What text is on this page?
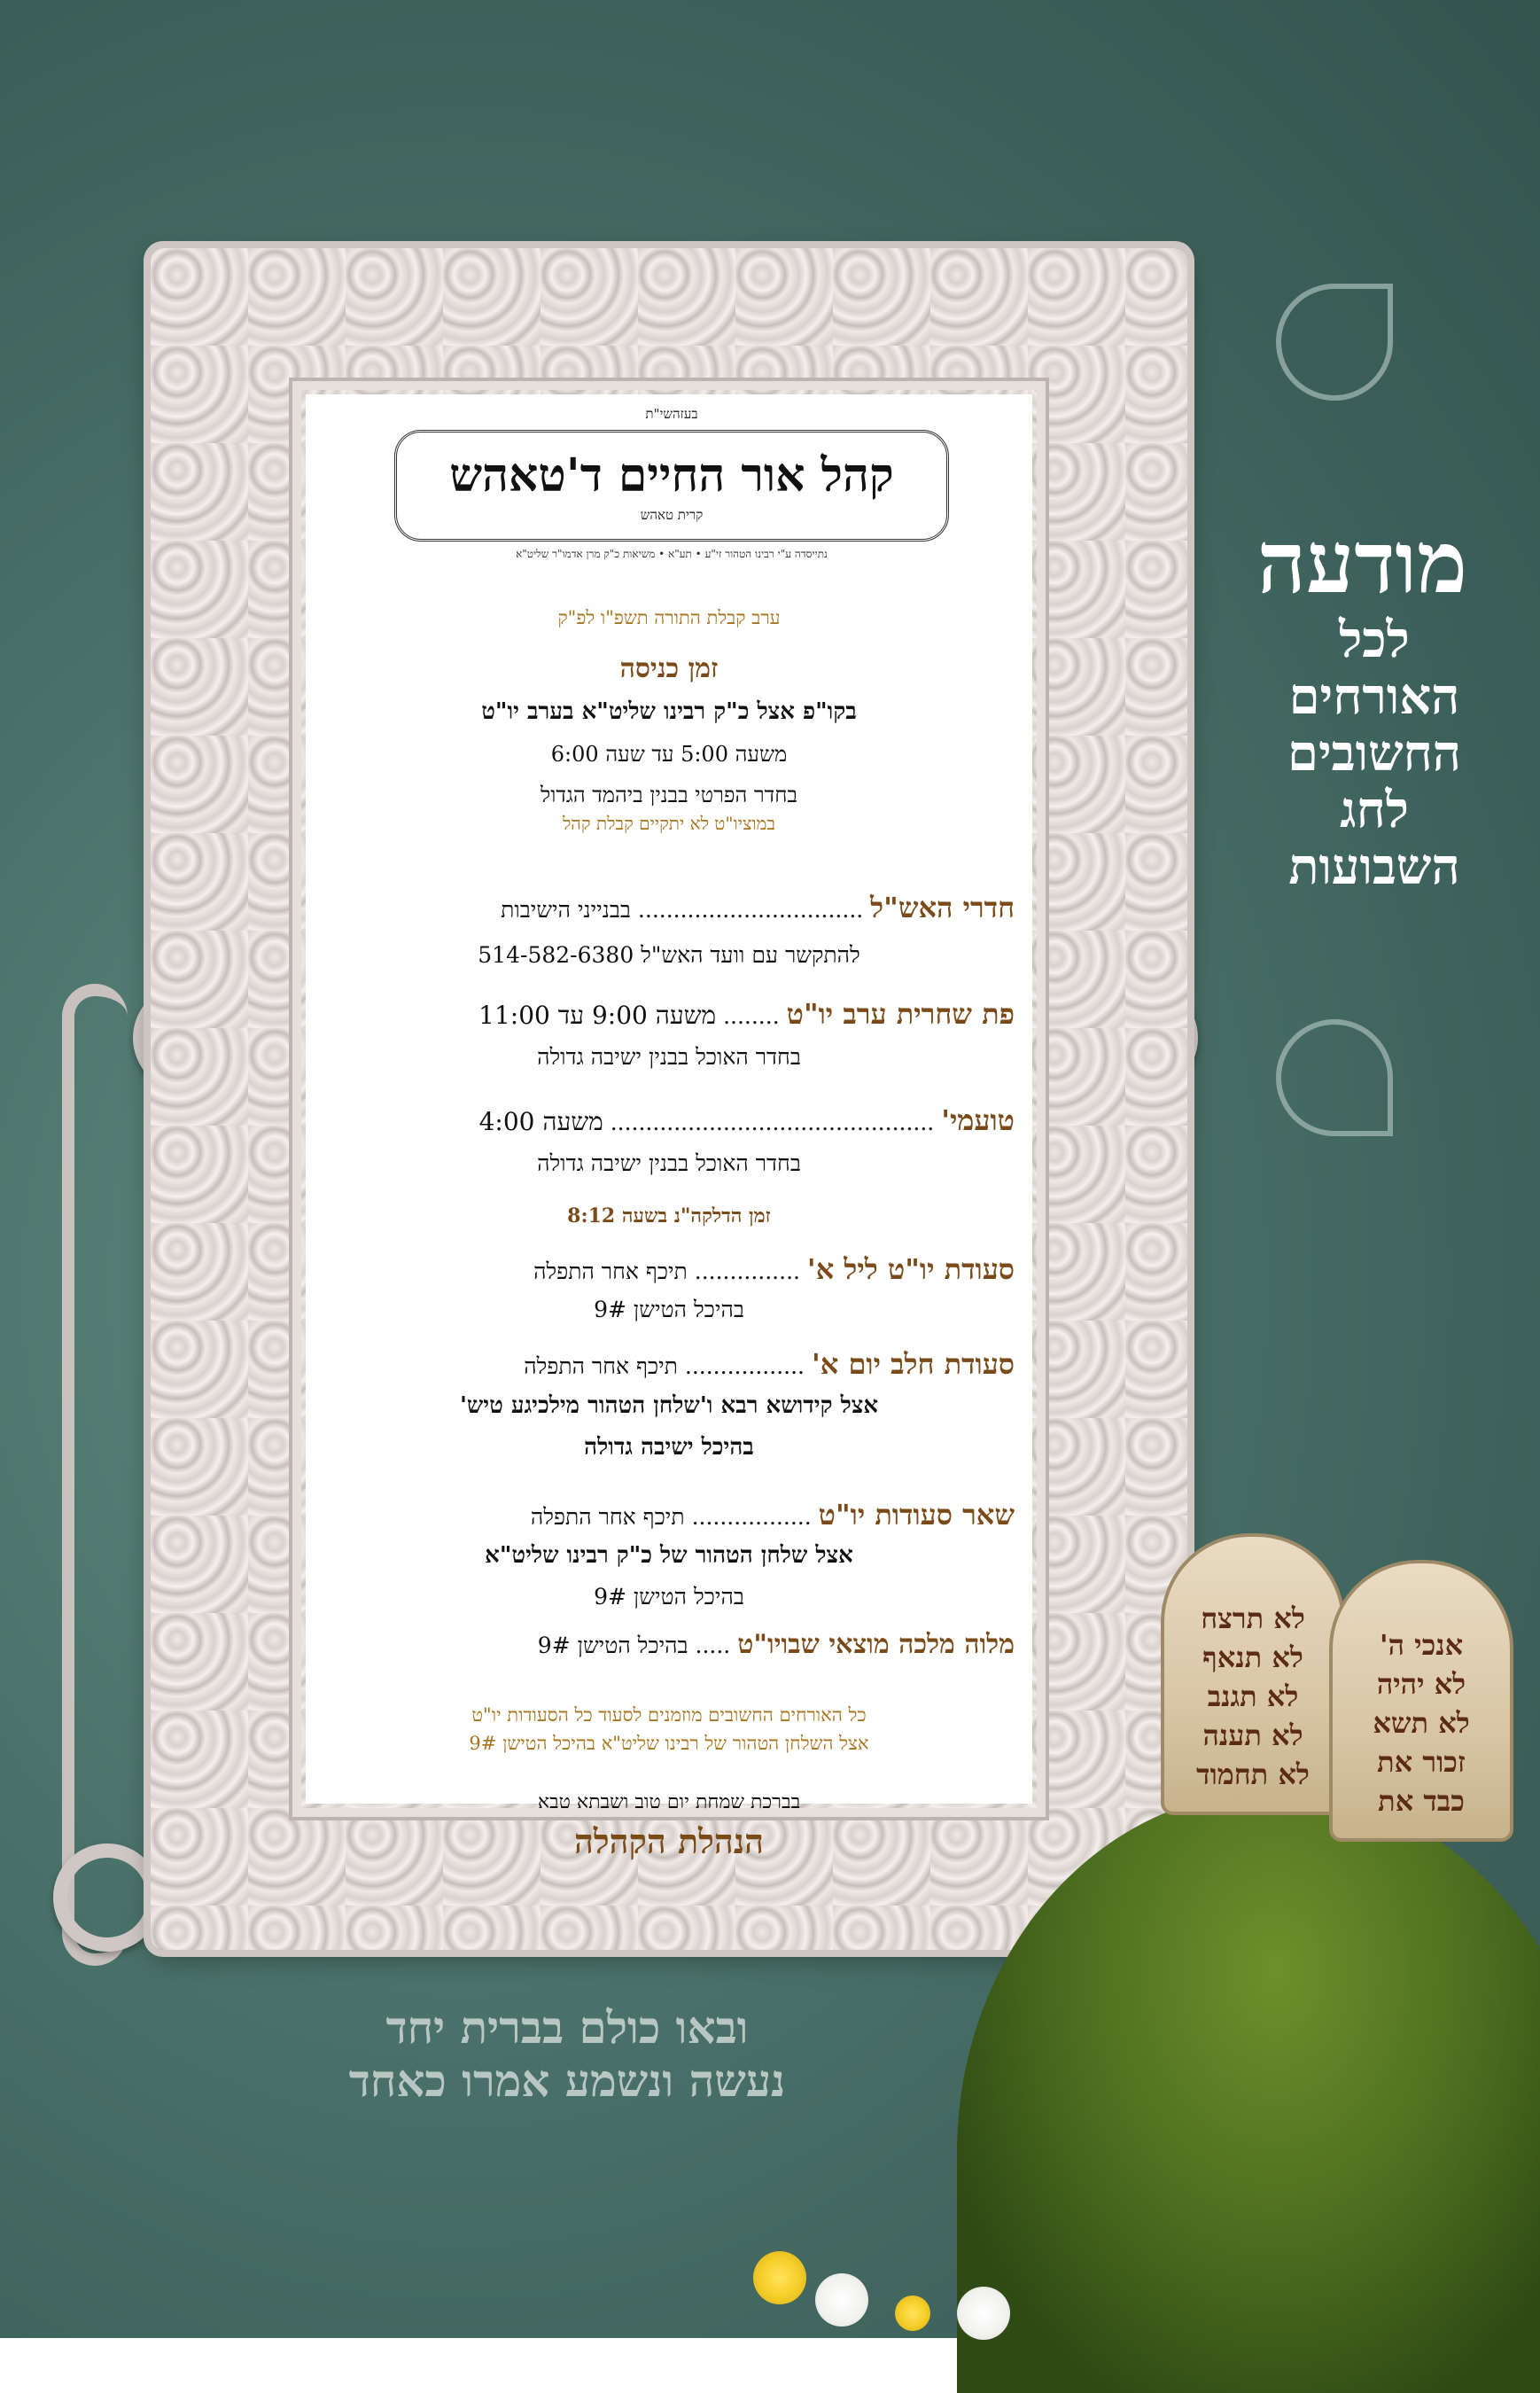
בעזהשי"ת
קהל אור החיים ד'טאהש
קרית טאהש
נתייסדה ע"י רבינו הטהור זי"ע • תע"א • משיאות כ"ק מרן אדמו"ר שליט"א
ערב קבלת התורה תשפ"ו לפ"ק
זמן כניסה
בקו"פ אצל כ"ק רבינו שליט"א בערב יו"ט
משעה 5:00 עד שעה 6:00
בחדר הפרטי בבנין ביהמד הגדול
במוציו"ט לא יתקיים קבלת קהל
חדרי האש"ל ................................ בבנייני הישיבות
להתקשר עם וועד האש"ל 514-582-6380
פת שחרית ערב יו"ט ........ משעה 9:00 עד 11:00
בחדר האוכל בבנין ישיבה גדולה
טועמי' .............................................. משעה 4:00
בחדר האוכל בבנין ישיבה גדולה
זמן הדלקה"נ בשעה 8:12
סעודת יו"ט ליל א' ............... תיכף אחר התפלה
בהיכל הטישן 9#
סעודת חלב יום א' ................. תיכף אחר התפלה
אצל קידושא רבא ו'שלחן הטהור מילכיגע טיש'
בהיכל ישיבה גדולה
שאר סעודות יו"ט ................. תיכף אחר התפלה
אצל שלחן הטהור של כ"ק רבינו שליט"א
בהיכל הטישן 9#
מלוה מלכה מוצאי שבויו"ט ..... בהיכל הטישן 9#
כל האורחים החשובים מוזמנים לסעוד כל הסעודות יו"ט
אצל השלחן הטהור של רבינו שליט"א בהיכל הטישן 9#
בברכת שמחת יום טוב ושבתא טבא
הנהלת הקהלה
מודעה
לכל
האורחים
החשובים
לחג
השבועות
לא תרצח
לא תנאף
לא תגנב
לא תענה
לא תחמוד
אנכי ה'
לא יהיה
לא תשא
זכור את
כבד את
ובאו כולם בברית יחד
נעשה ונשמע אמרו כאחד
